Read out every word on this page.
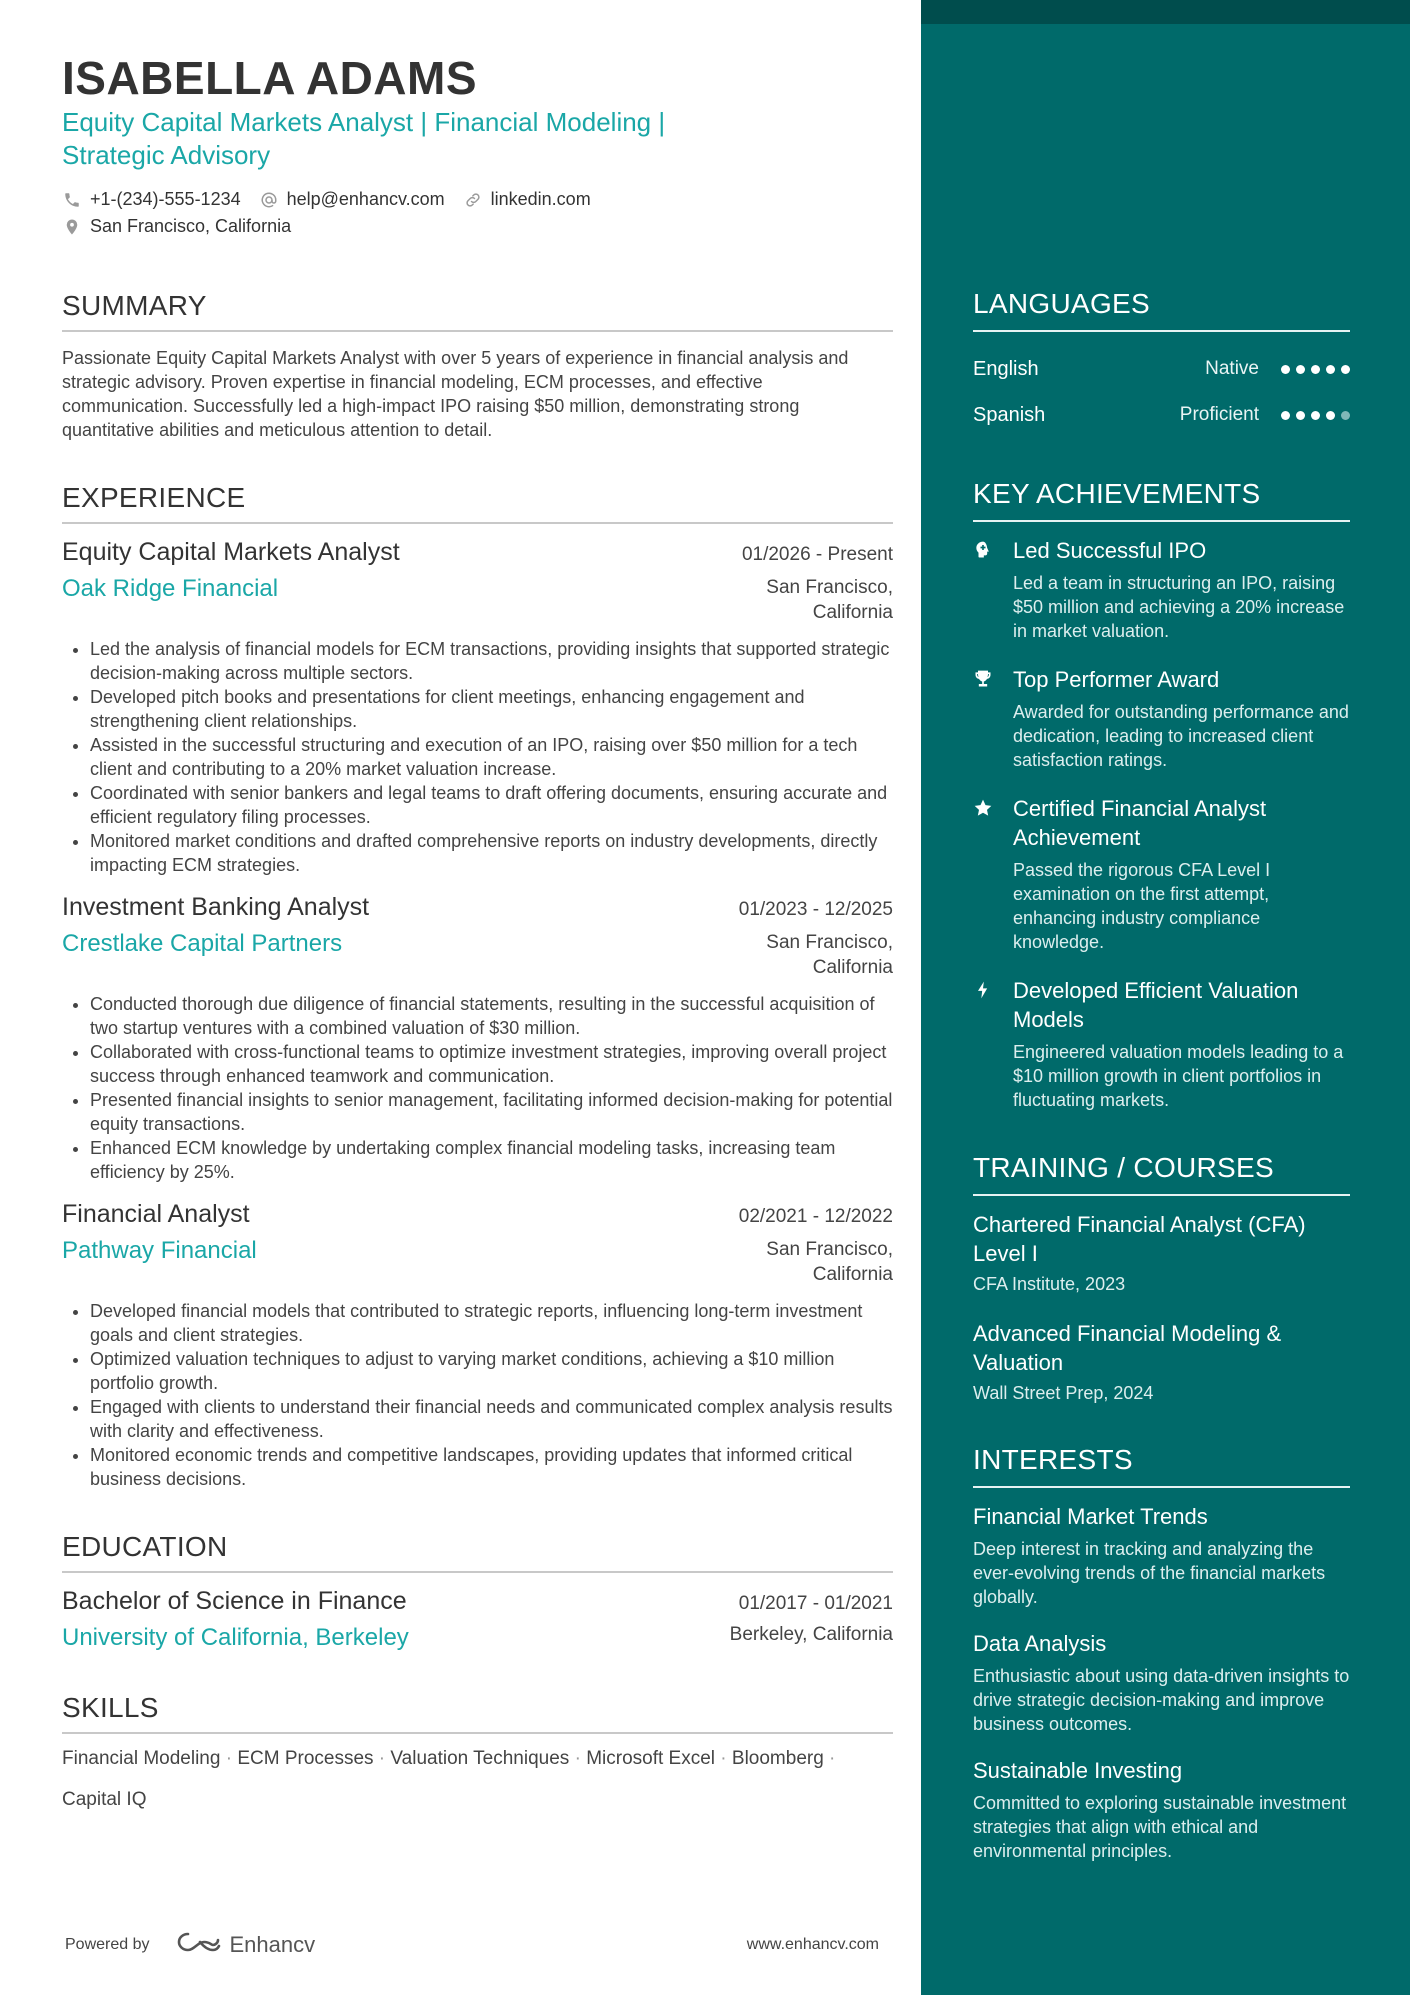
ISABELLA ADAMS
Equity Capital Markets Analyst | Financial Modeling | Strategic Advisory
+1-(234)-555-1234	help@enhancv.com	linkedin.com
San Francisco, California
SUMMARY
Passionate Equity Capital Markets Analyst with over 5 years of experience in financial analysis and strategic advisory. Proven expertise in financial modeling, ECM processes, and effective communication. Successfully led a high-impact IPO raising $50 million, demonstrating strong quantitative abilities and meticulous attention to detail.
EXPERIENCE
Equity Capital Markets Analyst	01/2026 - Present
Oak Ridge Financial	San Francisco, California
• Led the analysis of financial models for ECM transactions, providing insights that supported strategic decision-making across multiple sectors.
• Developed pitch books and presentations for client meetings, enhancing engagement and strengthening client relationships.
• Assisted in the successful structuring and execution of an IPO, raising over $50 million for a tech client and contributing to a 20% market valuation increase.
• Coordinated with senior bankers and legal teams to draft offering documents, ensuring accurate and efficient regulatory filing processes.
• Monitored market conditions and drafted comprehensive reports on industry developments, directly impacting ECM strategies.
Investment Banking Analyst	01/2023 - 12/2025
Crestlake Capital Partners	San Francisco, California
• Conducted thorough due diligence of financial statements, resulting in the successful acquisition of two startup ventures with a combined valuation of $30 million.
• Collaborated with cross-functional teams to optimize investment strategies, improving overall project success through enhanced teamwork and communication.
• Presented financial insights to senior management, facilitating informed decision-making for potential equity transactions.
• Enhanced ECM knowledge by undertaking complex financial modeling tasks, increasing team efficiency by 25%.
Financial Analyst	02/2021 - 12/2022
Pathway Financial	San Francisco, California
• Developed financial models that contributed to strategic reports, influencing long-term investment goals and client strategies.
• Optimized valuation techniques to adjust to varying market conditions, achieving a $10 million portfolio growth.
• Engaged with clients to understand their financial needs and communicated complex analysis results with clarity and effectiveness.
• Monitored economic trends and competitive landscapes, providing updates that informed critical business decisions.
EDUCATION
Bachelor of Science in Finance	01/2017 - 01/2021
University of California, Berkeley	Berkeley, California
SKILLS
Financial Modeling · ECM Processes · Valuation Techniques · Microsoft Excel · Bloomberg · Capital IQ
Powered by	Enhancv	www.enhancv.com
LANGUAGES
English	Native
Spanish	Proficient
KEY ACHIEVEMENTS
Led Successful IPO
Led a team in structuring an IPO, raising $50 million and achieving a 20% increase in market valuation.
Top Performer Award
Awarded for outstanding performance and dedication, leading to increased client satisfaction ratings.
Certified Financial Analyst Achievement
Passed the rigorous CFA Level I examination on the first attempt, enhancing industry compliance knowledge.
Developed Efficient Valuation Models
Engineered valuation models leading to a $10 million growth in client portfolios in fluctuating markets.
TRAINING / COURSES
Chartered Financial Analyst (CFA) Level I
CFA Institute, 2023
Advanced Financial Modeling & Valuation
Wall Street Prep, 2024
INTERESTS
Financial Market Trends
Deep interest in tracking and analyzing the ever-evolving trends of the financial markets globally.
Data Analysis
Enthusiastic about using data-driven insights to drive strategic decision-making and improve business outcomes.
Sustainable Investing
Committed to exploring sustainable investment strategies that align with ethical and environmental principles.
